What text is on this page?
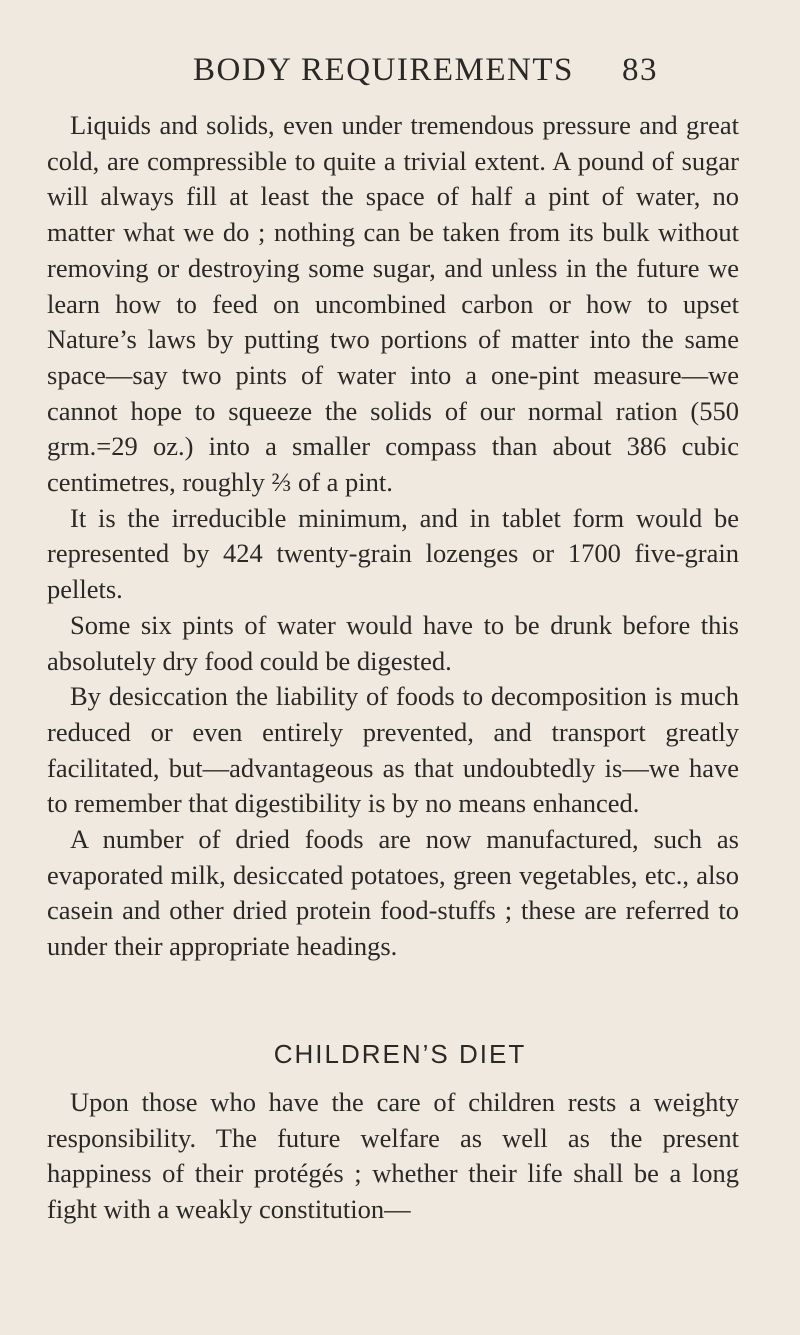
BODY REQUIREMENTS 83

Liquids and solids, even under tremendous pressure and great cold, are compressible to quite a trivial extent. A pound of sugar will always fill at least the space of half a pint of water, no matter what we do ; nothing can be taken from its bulk without removing or destroying some sugar, and unless in the future we learn how to feed on uncombined carbon or how to upset Nature’s laws by putting two portions of matter into the same space—say two pints of water into a one-pint measure—we cannot hope to squeeze the solids of our normal ration (550 grm.=29 oz.) into a smaller compass than about 386 cubic centimetres, roughly ⅔ of a pint.

It is the irreducible minimum, and in tablet form would be represented by 424 twenty-grain lozenges or 1700 five-grain pellets.

Some six pints of water would have to be drunk before this absolutely dry food could be digested.

By desiccation the liability of foods to decomposition is much reduced or even entirely prevented, and transport greatly facilitated, but—advantageous as that undoubtedly is—we have to remember that digestibility is by no means enhanced.

A number of dried foods are now manufactured, such as evaporated milk, desiccated potatoes, green vegetables, etc., also casein and other dried protein food-stuffs ; these are referred to under their appropriate headings.

CHILDREN’S DIET

Upon those who have the care of children rests a weighty responsibility. The future welfare as well as the present happiness of their protégés ; whether their life shall be a long fight with a weakly constitution—
